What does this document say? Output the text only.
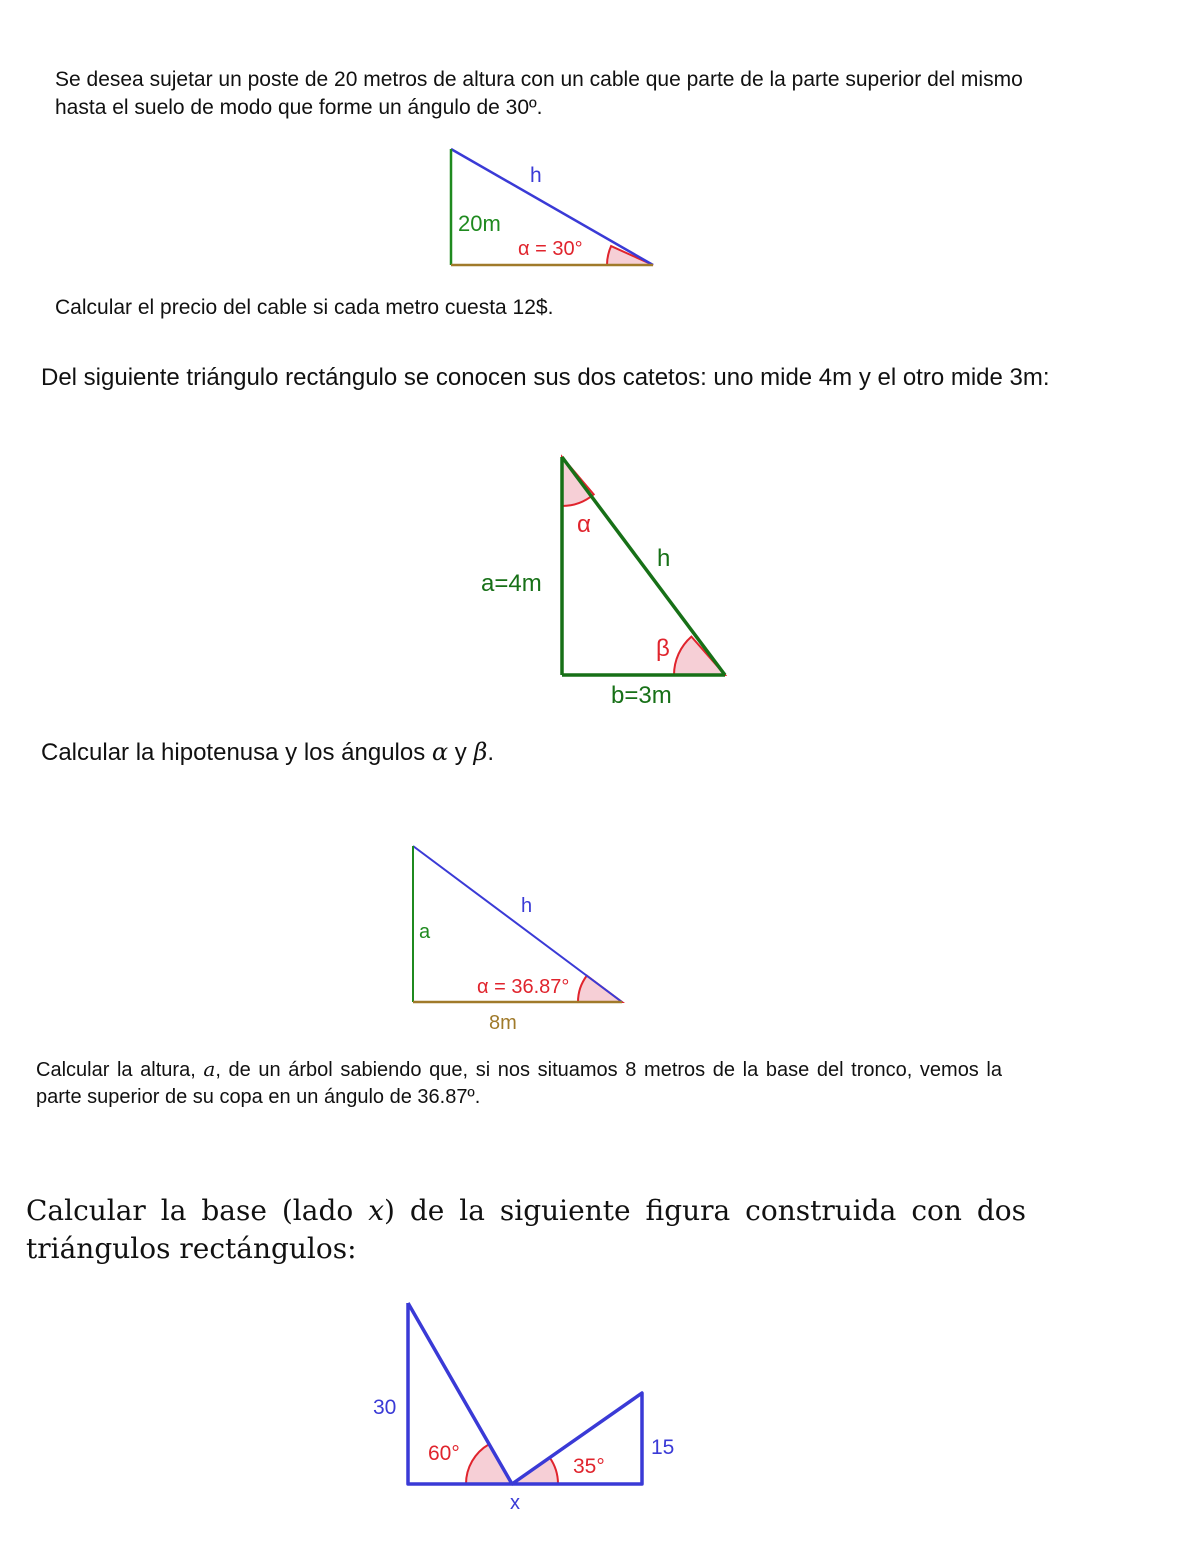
Se desea sujetar un poste de 20 metros de altura con un cable que parte de la parte superior del mismo hasta el suelo de modo que forme un ángulo de 30º.

h
20m
α = 30°

Calcular el precio del cable si cada metro cuesta 12$.

Del siguiente triángulo rectángulo se conocen sus dos catetos: uno mide 4m y el otro mide 3m:

α
h
a=4m
β
b=3m

Calcular la hipotenusa y los ángulos α y β.

h
a
α = 36.87°
8m

Calcular la altura, a, de un árbol sabiendo que, si nos situamos 8 metros de la base del tronco, vemos la parte superior de su copa en un ángulo de 36.87º.

Calcular la base (lado x) de la siguiente figura construida con dos triángulos rectángulos:

30
60°	15
35°
x
